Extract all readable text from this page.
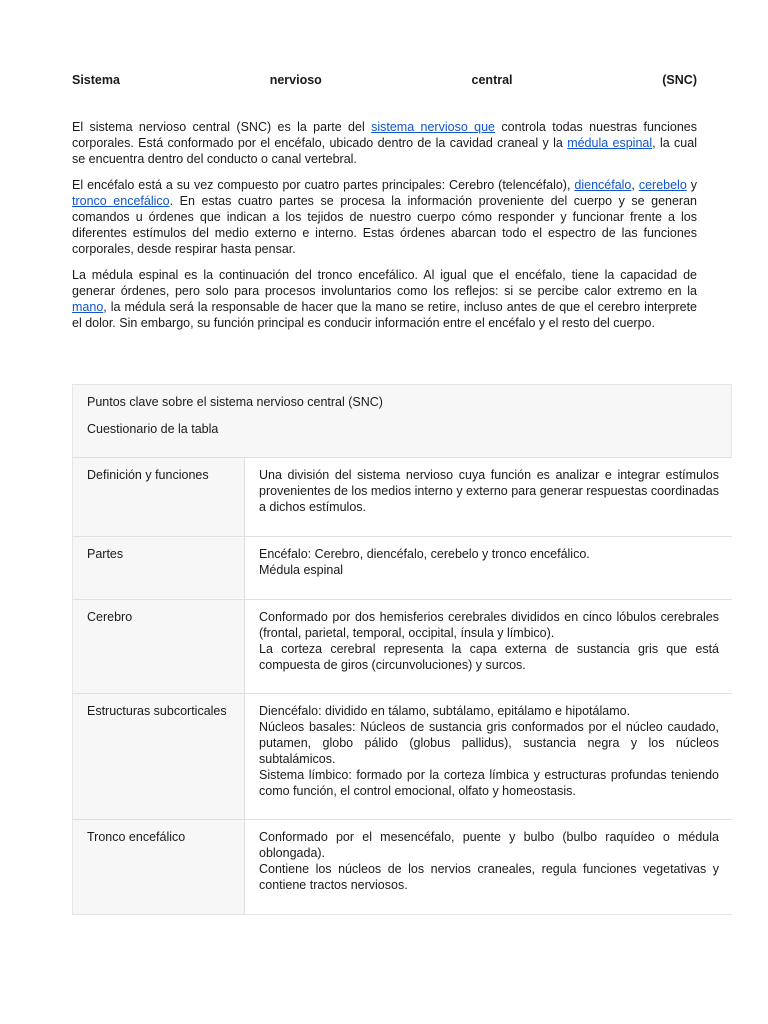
Sistema	nervioso	central	(SNC)

El sistema nervioso central (SNC) es la parte del sistema nervioso que controla todas nuestras funciones corporales. Está conformado por el encéfalo, ubicado dentro de la cavidad craneal y la médula espinal, la cual se encuentra dentro del conducto o canal vertebral.

El encéfalo está a su vez compuesto por cuatro partes principales: Cerebro (telencéfalo), diencéfalo, cerebelo y tronco encefálico. En estas cuatro partes se procesa la información proveniente del cuerpo y se generan comandos u órdenes que indican a los tejidos de nuestro cuerpo cómo responder y funcionar frente a los diferentes estímulos del medio externo e interno. Estas órdenes abarcan todo el espectro de las funciones corporales, desde respirar hasta pensar.

La médula espinal es la continuación del tronco encefálico. Al igual que el encéfalo, tiene la capacidad de generar órdenes, pero solo para procesos involuntarios como los reflejos: si se percibe calor extremo en la mano, la médula será la responsable de hacer que la mano se retire, incluso antes de que el cerebro interprete el dolor. Sin embargo, su función principal es conducir información entre el encéfalo y el resto del cuerpo.

Puntos clave sobre el sistema nervioso central (SNC)
Cuestionario de la tabla
Definición y funciones	Una división del sistema nervioso cuya función es analizar e integrar estímulos provenientes de los medios interno y externo para generar respuestas coordinadas a dichos estímulos.
Partes	Encéfalo: Cerebro, diencéfalo, cerebelo y tronco encefálico.
Médula espinal
Cerebro	Conformado por dos hemisferios cerebrales divididos en cinco lóbulos cerebrales (frontal, parietal, temporal, occipital, ínsula y límbico).
La corteza cerebral representa la capa externa de sustancia gris que está compuesta de giros (circunvoluciones) y surcos.
Estructuras subcorticales	Diencéfalo: dividido en tálamo, subtálamo, epitálamo e hipotálamo.
Núcleos basales: Núcleos de sustancia gris conformados por el núcleo caudado, putamen, globo pálido (globus pallidus), sustancia negra y los núcleos subtalámicos.
Sistema límbico: formado por la corteza límbica y estructuras profundas teniendo como función, el control emocional, olfato y homeostasis.
Tronco encefálico	Conformado por el mesencéfalo, puente y bulbo (bulbo raquídeo o médula oblongada).
Contiene los núcleos de los nervios craneales, regula funciones vegetativas y contiene tractos nerviosos.
